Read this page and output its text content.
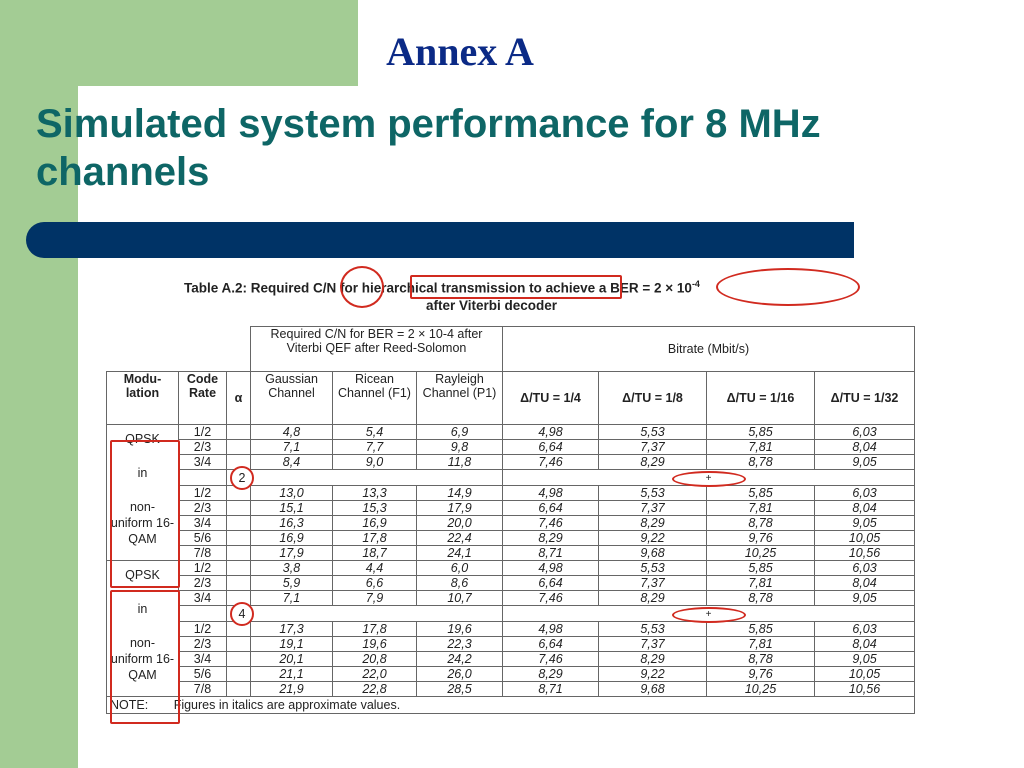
Annex A
Simulated system performance for 8 MHz channels
Table A.2: Required C/N for hierarchical transmission to achieve a BER = $2 \times 10^{-4}$
after Viterbi decoder
			Required C/N for BER = 2 × 10-4 after Viterbi QEF after Reed-Solomon			Bitrate (Mbit/s)			
Modu- lation	Code Rate	α	Gaussian Channel	Ricean Channel (F1)	Rayleigh Channel (P1)	Δ/TU = 1/4	Δ/TU = 1/8	Δ/TU = 1/16	Δ/TU = 1/32

QPSK
in
non- uniform 16-QAM	1/2		4,8	5,4	6,9	4,98	5,53	5,85	6,03
	2/3		7,1	7,7	9,8	6,64	7,37	7,81	8,04
	3/4		8,4	9,0	11,8	7,46	8,29	8,78	9,05
		2				+			
	1/2		13,0	13,3	14,9	4,98	5,53	5,85	6,03
	2/3		15,1	15,3	17,9	6,64	7,37	7,81	8,04
	3/4		16,3	16,9	20,0	7,46	8,29	8,78	9,05
	5/6		16,9	17,8	22,4	8,29	9,22	9,76	10,05
	7/8		17,9	18,7	24,1	8,71	9,68	10,25	10,56

QPSK
in
non- uniform 16-QAM	1/2		3,8	4,4	6,0	4,98	5,53	5,85	6,03
	2/3		5,9	6,6	8,6	6,64	7,37	7,81	8,04
	3/4		7,1	7,9	10,7	7,46	8,29	8,78	9,05
		4				+			
	1/2		17,3	17,8	19,6	4,98	5,53	5,85	6,03
	2/3		19,1	19,6	22,3	6,64	7,37	7,81	8,04
	3/4		20,1	20,8	24,2	7,46	8,29	8,78	9,05
	5/6		21,1	22,0	26,0	8,29	9,22	9,76	10,05
	7/8		21,9	22,8	28,5	8,71	9,68	10,25	10,56
NOTE: Figures in italics are approximate values.									
